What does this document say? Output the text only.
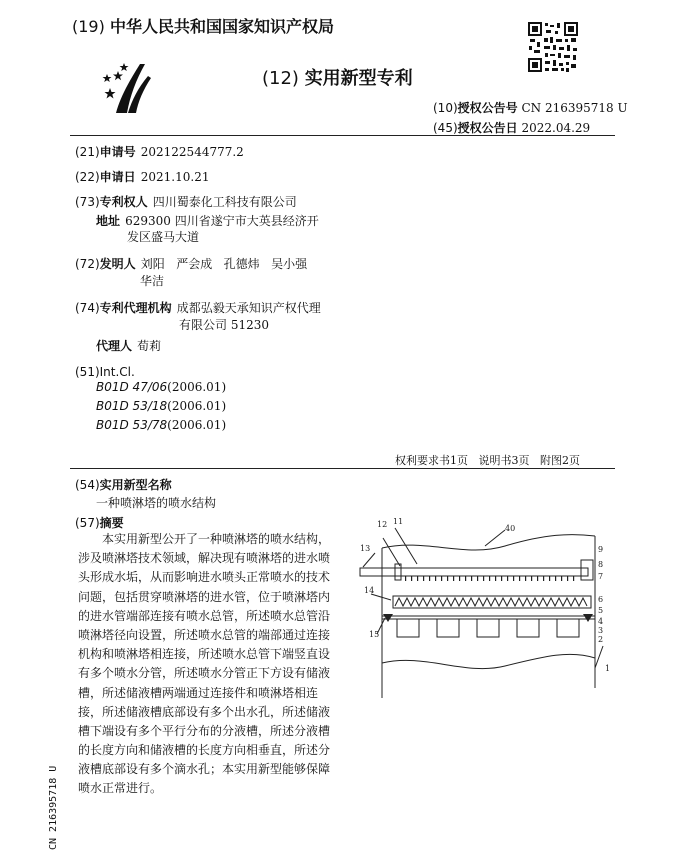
(19) 中华人民共和国国家知识产权局
(12) 实用新型专利
(10)授权公告号 CN 216395718 U
(45)授权公告日 2022.04.29
(21)申请号 202122544777.2
(22)申请日 2021.10.21
(73)专利权人 四川蜀泰化工科技有限公司
地址 629300 四川省遂宁市大英县经济开
发区盛马大道
(72)发明人 刘阳   严会成   孔德炜   吴小强
华洁
(74)专利代理机构 成都弘毅天承知识产权代理
有限公司 51230
代理人 荀莉
(51)Int.Cl.
B01D 47/06(2006.01)
B01D 53/18(2006.01)
B01D 53/78(2006.01)
权利要求书1页   说明书3页   附图2页
(54)实用新型名称
一种喷淋塔的喷水结构
(57)摘要
本实用新型公开了一种喷淋塔的喷水结构，
涉及喷淋塔技术领域，解决现有喷淋塔的进水喷
头形成水垢，从而影响进水喷头正常喷水的技术
问题，包括贯穿喷淋塔的进水管，位于喷淋塔内
的进水管端部连接有喷水总管，所述喷水总管沿
喷淋塔径向设置，所述喷水总管的端部通过连接
机构和喷淋塔相连接，所述喷水总管下端竖直设
有多个喷水分管，所述喷水分管正下方设有储液
槽，所述储液槽两端通过连接件和喷淋塔相连
接，所述储液槽底部设有多个出水孔，所述储液
槽下端设有多个平行分布的分液槽，所述分液槽
的长度方向和储液槽的长度方向相垂直，所述分
液槽底部设有多个滴水孔；本实用新型能够保障
喷水正常进行。
12 11
40
13
14
15
9
8
7
6
5
4
3
2
1
CN 216395718 U
